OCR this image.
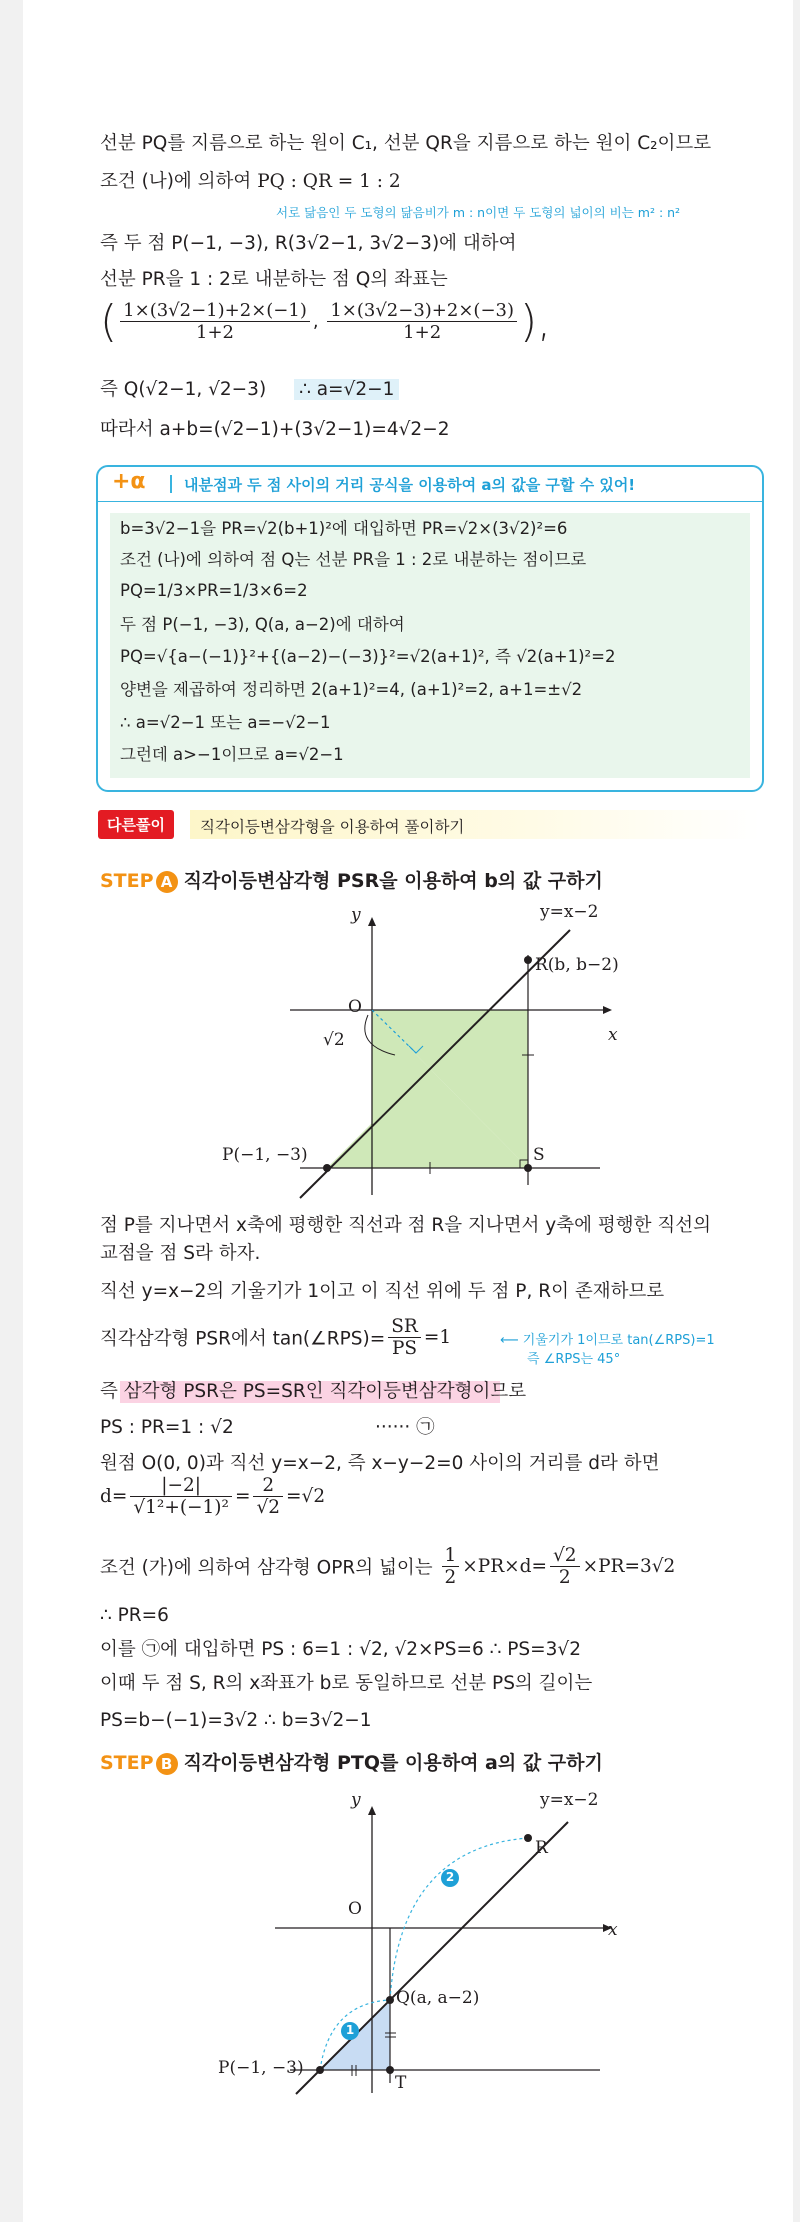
선분 PQ를 지름으로 하는 원이 C₁, 선분 QR을 지름으로 하는 원이 C₂이므로
조건 (나)에 의하여 PQ : QR = 1 : 2
서로 닮음인 두 도형의 닮음비가 m : n이면 두 도형의 넓이의 비는 m² : n²
즉 두 점 P(−1, −3), R(3√2−1, 3√2−3)에 대하여
선분 PR을 1 : 2로 내분하는 점 Q의 좌표는
( $\frac{1\times(3√2-1)+2\times(-1)}{1+2}$ , $\frac{1\times(3√2-3)+2\times(-3)}{1+2}$ ),
즉 Q(√2−1, √2−3) ∴ a=√2−1
따라서 a+b=(√2−1)+(3√2−1)=4√2−2
+α	내분점과 두 점 사이의 거리 공식을 이용하여 a의 값을 구할 수 있어!
b=3√2−1을 PR=√2(b+1)²에 대입하면 PR=√2×(3√2)²=6
조건 (나)에 의하여 점 Q는 선분 PR을 1 : 2로 내분하는 점이므로
PQ=1/3×PR=1/3×6=2
두 점 P(−1, −3), Q(a, a−2)에 대하여
PQ=√{a−(−1)}²+{(a−2)−(−3)}²=√2(a+1)², 즉 √2(a+1)²=2
양변을 제곱하여 정리하면 2(a+1)²=4, (a+1)²=2, a+1=±√2
∴ a=√2−1 또는 a=−√2−1
그런데 a>−1이므로 a=√2−1
다른풀이	직각이등변삼각형을 이용하여 풀이하기
STEP A 직각이등변삼각형 PSR을 이용하여 b의 값 구하기
y
x
O
y=x−2
R(b, b−2)
P(−1, −3)	S
√2
점 P를 지나면서 x축에 평행한 직선과 점 R을 지나면서 y축에 평행한 직선의
교점을 점 S라 하자.
직선 y=x−2의 기울기가 1이고 이 직선 위에 두 점 P, R이 존재하므로
직각삼각형 PSR에서 tan(∠RPS)= $\frac{SR}{PS} =1$	⟵ 기울기가 1이므로 tan(∠RPS)=1
즉 ∠RPS는 45°
즉 삼각형 PSR은 PS=SR인 직각이등변삼각형이므로
PS : PR=1 : √2	······ ㉠
원점 O(0, 0)과 직선 y=x−2, 즉 x−y−2=0 사이의 거리를 d라 하면
$d= \frac{|-2|}{\text{√1²+(−1)²}} = \frac{2}{√2} =√2$
조건 (가)에 의하여 삼각형 OPR의 넓이는 $\frac{1}{2} \times PR\times d= \frac{√2}{2} \times PR=3√2$
∴ PR=6
이를 ㉠에 대입하면 PS : 6=1 : √2, √2×PS=6 ∴ PS=3√2
이때 두 점 S, R의 x좌표가 b로 동일하므로 선분 PS의 길이는
PS=b−(−1)=3√2 ∴ b=3√2−1
STEP B 직각이등변삼각형 PTQ를 이용하여 a의 값 구하기
1
2
y
x
O
y=x−2
R
Q(a, a−2)
P(−1, −3)
T
